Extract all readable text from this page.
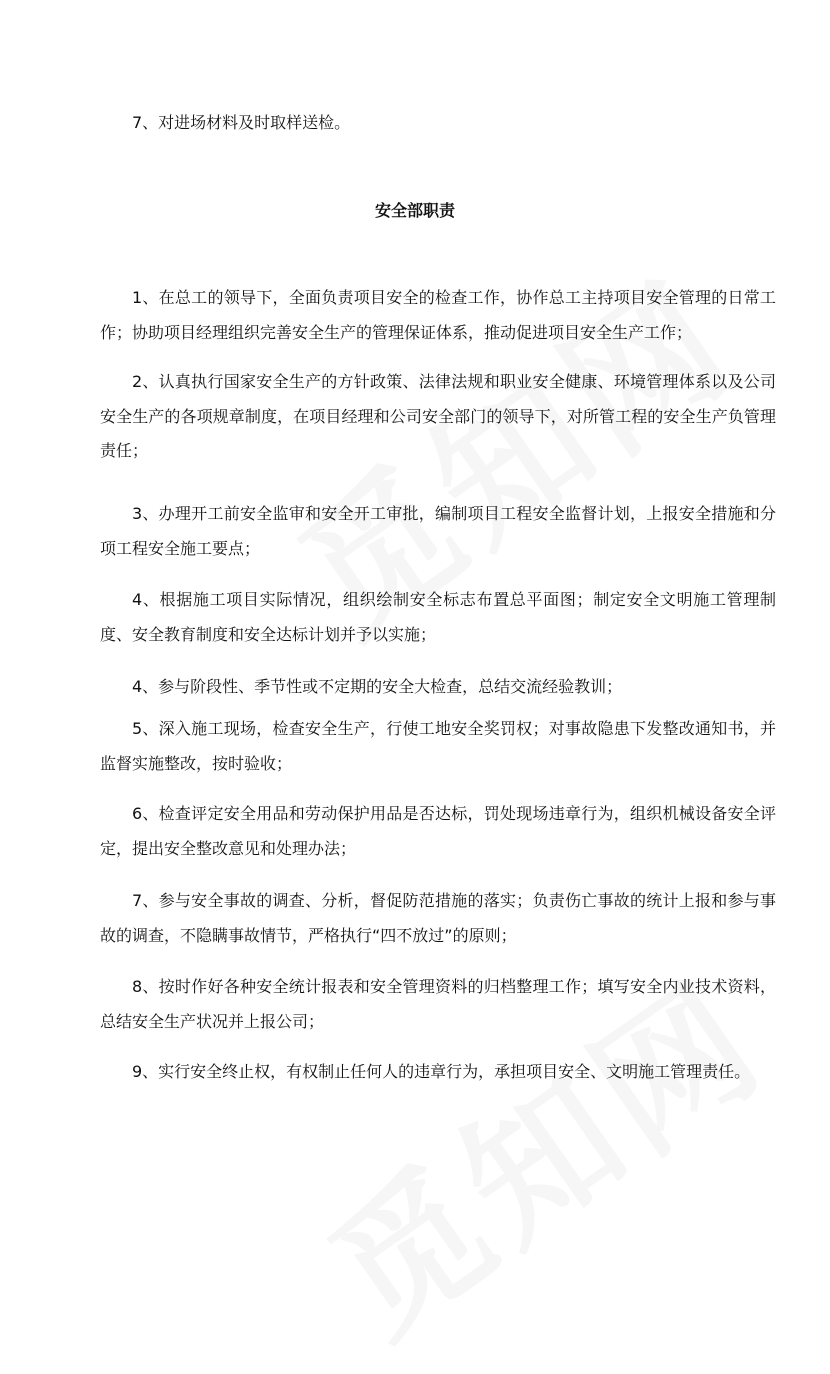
7、对进场材料及时取样送检。

安全部职责

1、在总工的领导下，全面负责项目安全的检查工作，协作总工主持项目安全管理的日常工作；协助项目经理组织完善安全生产的管理保证体系，推动促进项目安全生产工作；

2、认真执行国家安全生产的方针政策、法律法规和职业安全健康、环境管理体系以及公司安全生产的各项规章制度，在项目经理和公司安全部门的领导下，对所管工程的安全生产负管理责任；

3、办理开工前安全监审和安全开工审批，编制项目工程安全监督计划，上报安全措施和分项工程安全施工要点；

4、根据施工项目实际情况，组织绘制安全标志布置总平面图；制定安全文明施工管理制度、安全教育制度和安全达标计划并予以实施；

4、参与阶段性、季节性或不定期的安全大检查，总结交流经验教训；

5、深入施工现场，检查安全生产，行使工地安全奖罚权；对事故隐患下发整改通知书，并监督实施整改，按时验收；

6、检查评定安全用品和劳动保护用品是否达标，罚处现场违章行为，组织机械设备安全评定，提出安全整改意见和处理办法；

7、参与安全事故的调查、分析，督促防范措施的落实；负责伤亡事故的统计上报和参与事故的调查，不隐瞒事故情节，严格执行“四不放过”的原则；

8、按时作好各种安全统计报表和安全管理资料的归档整理工作；填写安全内业技术资料，总结安全生产状况并上报公司；

9、实行安全终止权，有权制止任何人的违章行为，承担项目安全、文明施工管理责任。
